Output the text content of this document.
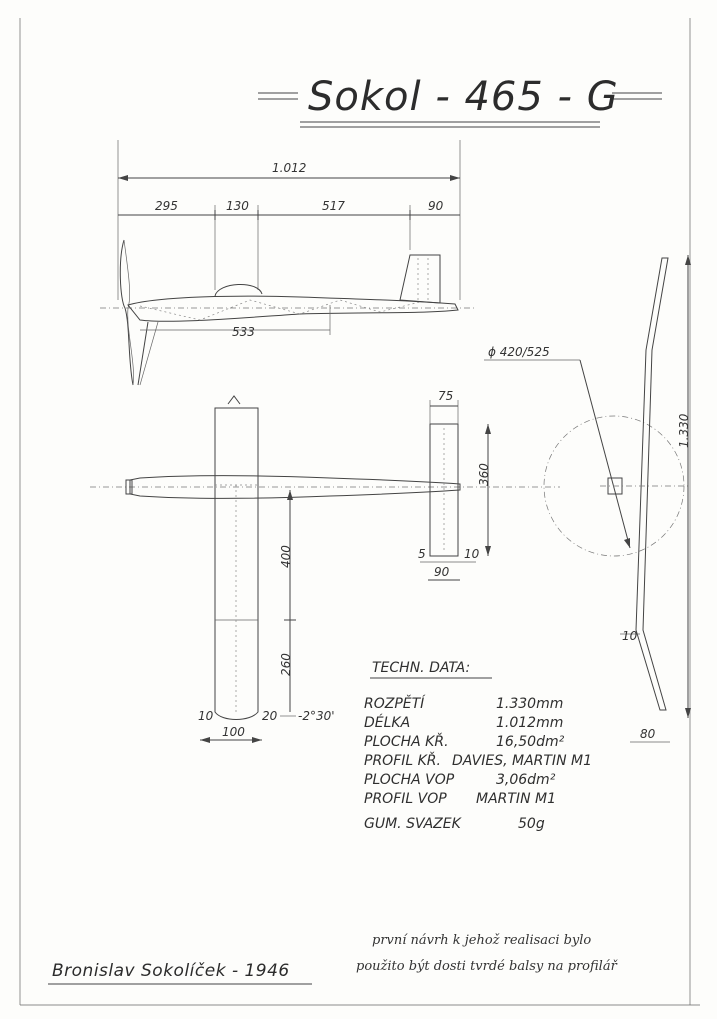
Sokol - 465 - G
1.012
295	130	517	90
533
75
360
5	10
90
400
260
10	20 -2°30'
100
ϕ 420/525
1.330
10
80
TECHN. DATA:
ROZPĚTÍ	1.330mm
DÉLKA	1.012mm
PLOCHA KŘ.	16,50dm²
PROFIL KŘ. DAVIES, MARTIN M1
PLOCHA VOP	3,06dm²
PROFIL VOP MARTIN M1
GUM. SVAZEK	50g
první návrh k jehož realisaci bylo
použito být dosti tvrdé balsy na profilář
Bronislav Sokolíček - 1946
